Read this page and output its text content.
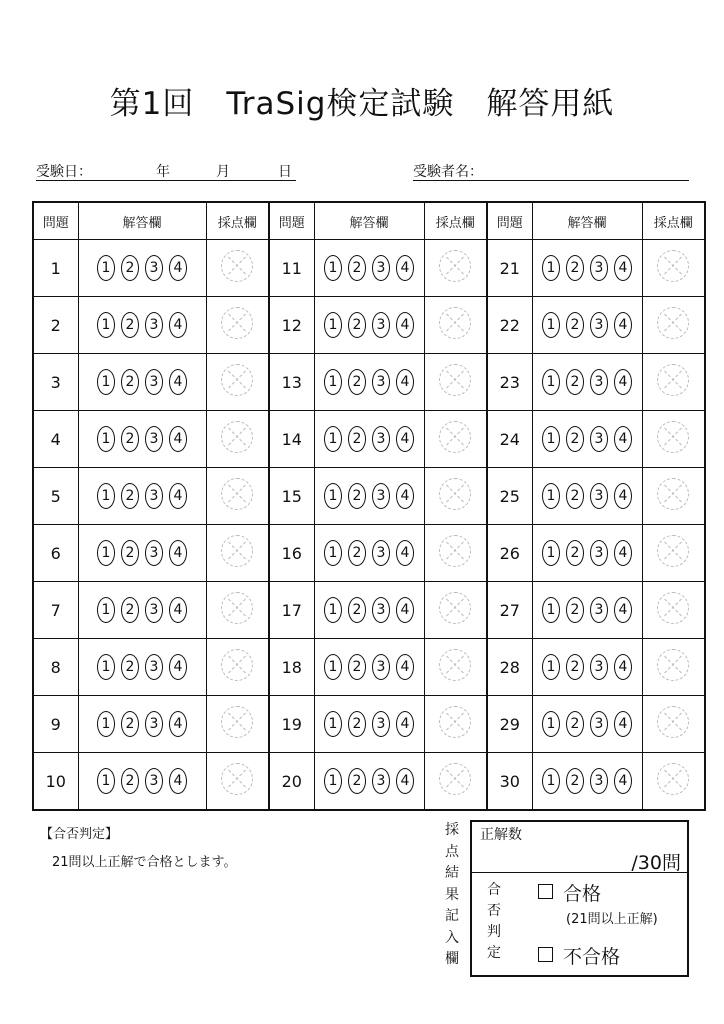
第1回　TraSig検定試験　解答用紙
受験日：	年	月	日	受験者名：
問題	解答欄	採点欄	問題	解答欄	採点欄	問題	解答欄	採点欄
1	1 2 3 4		11	1 2 3 4		21	1 2 3 4	
2	1 2 3 4		12	1 2 3 4		22	1 2 3 4	
3	1 2 3 4		13	1 2 3 4		23	1 2 3 4	
4	1 2 3 4		14	1 2 3 4		24	1 2 3 4	
5	1 2 3 4		15	1 2 3 4		25	1 2 3 4	
6	1 2 3 4		16	1 2 3 4		26	1 2 3 4	
7	1 2 3 4		17	1 2 3 4		27	1 2 3 4	
8	1 2 3 4		18	1 2 3 4		28	1 2 3 4	
9	1 2 3 4		19	1 2 3 4		29	1 2 3 4	
10	1 2 3 4		20	1 2 3 4		30	1 2 3 4	
【合否判定】
21問以上正解で合格とします。
採
点
結
果
記
入
欄
正解数
/30問
合
否
判
定
合格
(21問以上正解)
不合格
